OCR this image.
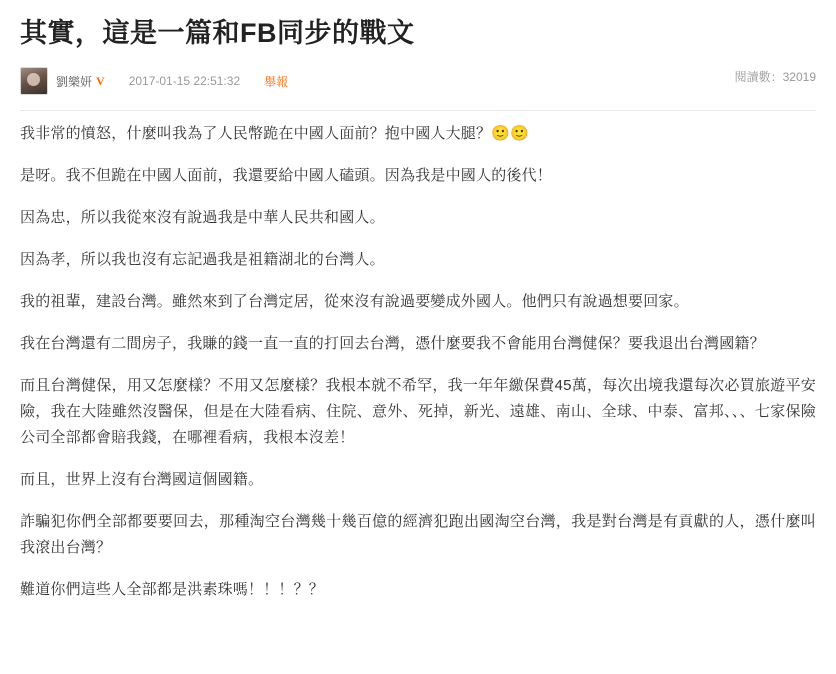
其實，這是一篇和FB同步的戰文
劉樂妍 V 2017-01-15 22:51:32 舉報	閱讀數：32019

我非常的憤怒，什麼叫我為了人民幣跪在中國人面前？抱中國人大腿？🙂🙂

是呀。我不但跪在中國人面前，我還要給中國人磕頭。因為我是中國人的後代！

因為忠，所以我從來沒有說過我是中華人民共和國人。

因為孝，所以我也沒有忘記過我是祖籍湖北的台灣人。

我的祖輩，建設台灣。雖然來到了台灣定居，從來沒有說過要變成外國人。他們只有說過想要回家。

我在台灣還有二間房子，我賺的錢一直一直的打回去台灣，憑什麼要我不會能用台灣健保？要我退出台灣國籍？

而且台灣健保，用又怎麼樣？不用又怎麼樣？我根本就不希罕，我一年年繳保費45萬，每次出境我還每次必買旅遊平安險，我在大陸雖然沒醫保，但是在大陸看病、住院、意外、死掉，新光、遠雄、南山、全球、中泰、富邦、、、七家保險公司全部都會賠我錢，在哪裡看病，我根本沒差！

而且，世界上沒有台灣國這個國籍。

詐騙犯你們全部都要要回去，那種淘空台灣幾十幾百億的經濟犯跑出國淘空台灣，我是對台灣是有貢獻的人，憑什麼叫我滾出台灣？

難道你們這些人全部都是洪素珠嗎！！！？？
